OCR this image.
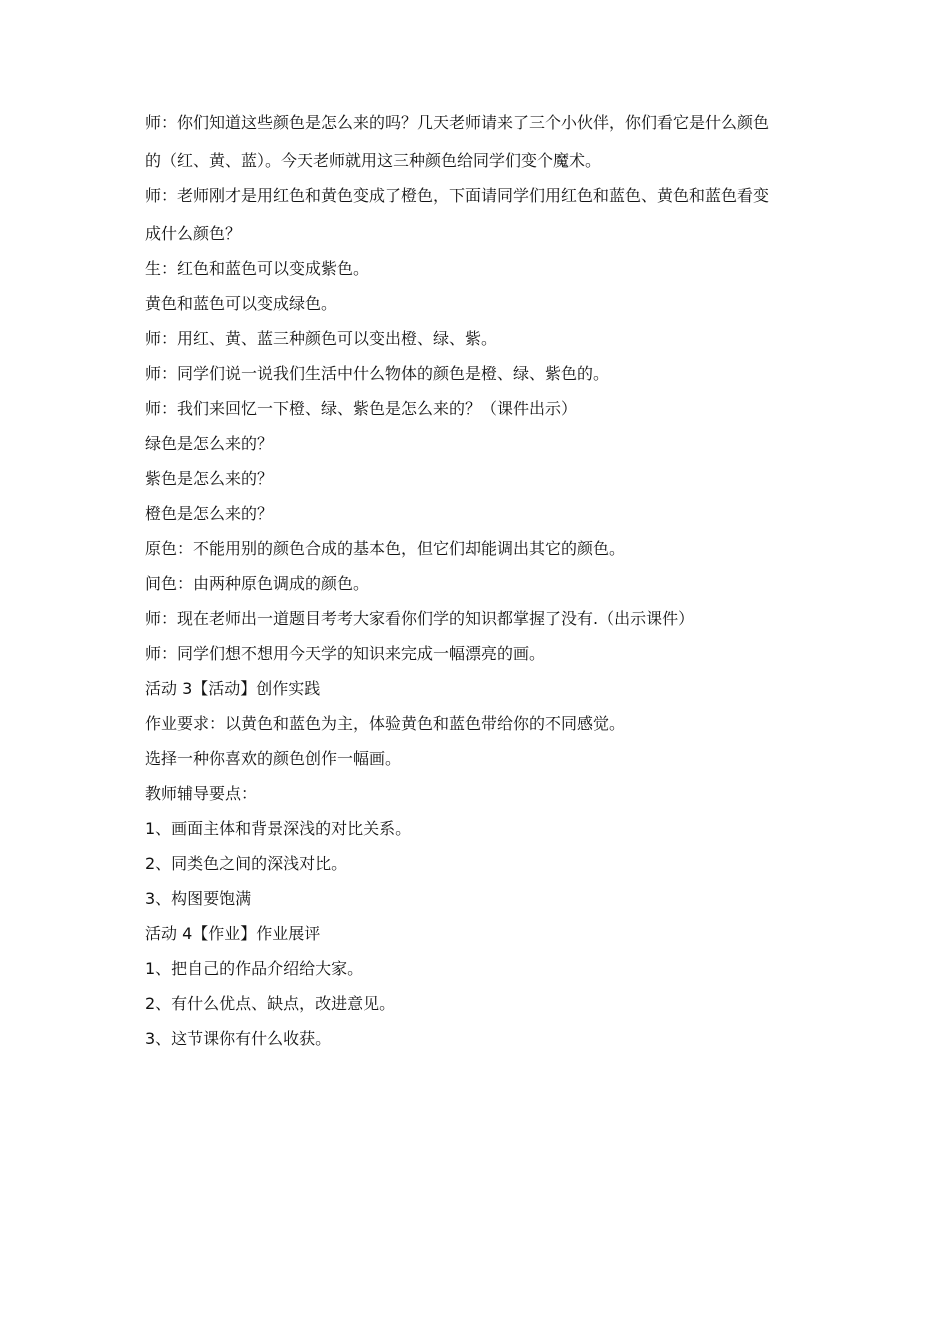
师：你们知道这些颜色是怎么来的吗？几天老师请来了三个小伙伴，你们看它是什么颜色

的（红、黄、蓝）。今天老师就用这三种颜色给同学们变个魔术。

师：老师刚才是用红色和黄色变成了橙色，下面请同学们用红色和蓝色、黄色和蓝色看变

成什么颜色？

生：红色和蓝色可以变成紫色。

黄色和蓝色可以变成绿色。

师：用红、黄、蓝三种颜色可以变出橙、绿、紫。

师：同学们说一说我们生活中什么物体的颜色是橙、绿、紫色的。

师：我们来回忆一下橙、绿、紫色是怎么来的？（课件出示）

绿色是怎么来的？

紫色是怎么来的？

橙色是怎么来的？

原色：不能用别的颜色合成的基本色，但它们却能调出其它的颜色。

间色：由两种原色调成的颜色。

师：现在老师出一道题目考考大家看你们学的知识都掌握了没有.（出示课件）

师：同学们想不想用今天学的知识来完成一幅漂亮的画。

活动 3【活动】创作实践

作业要求：以黄色和蓝色为主，体验黄色和蓝色带给你的不同感觉。

选择一种你喜欢的颜色创作一幅画。

教师辅导要点：

1、画面主体和背景深浅的对比关系。

2、同类色之间的深浅对比。

3、构图要饱满

活动 4【作业】作业展评

1、把自己的作品介绍给大家。

2、有什么优点、缺点，改进意见。

3、这节课你有什么收获。
